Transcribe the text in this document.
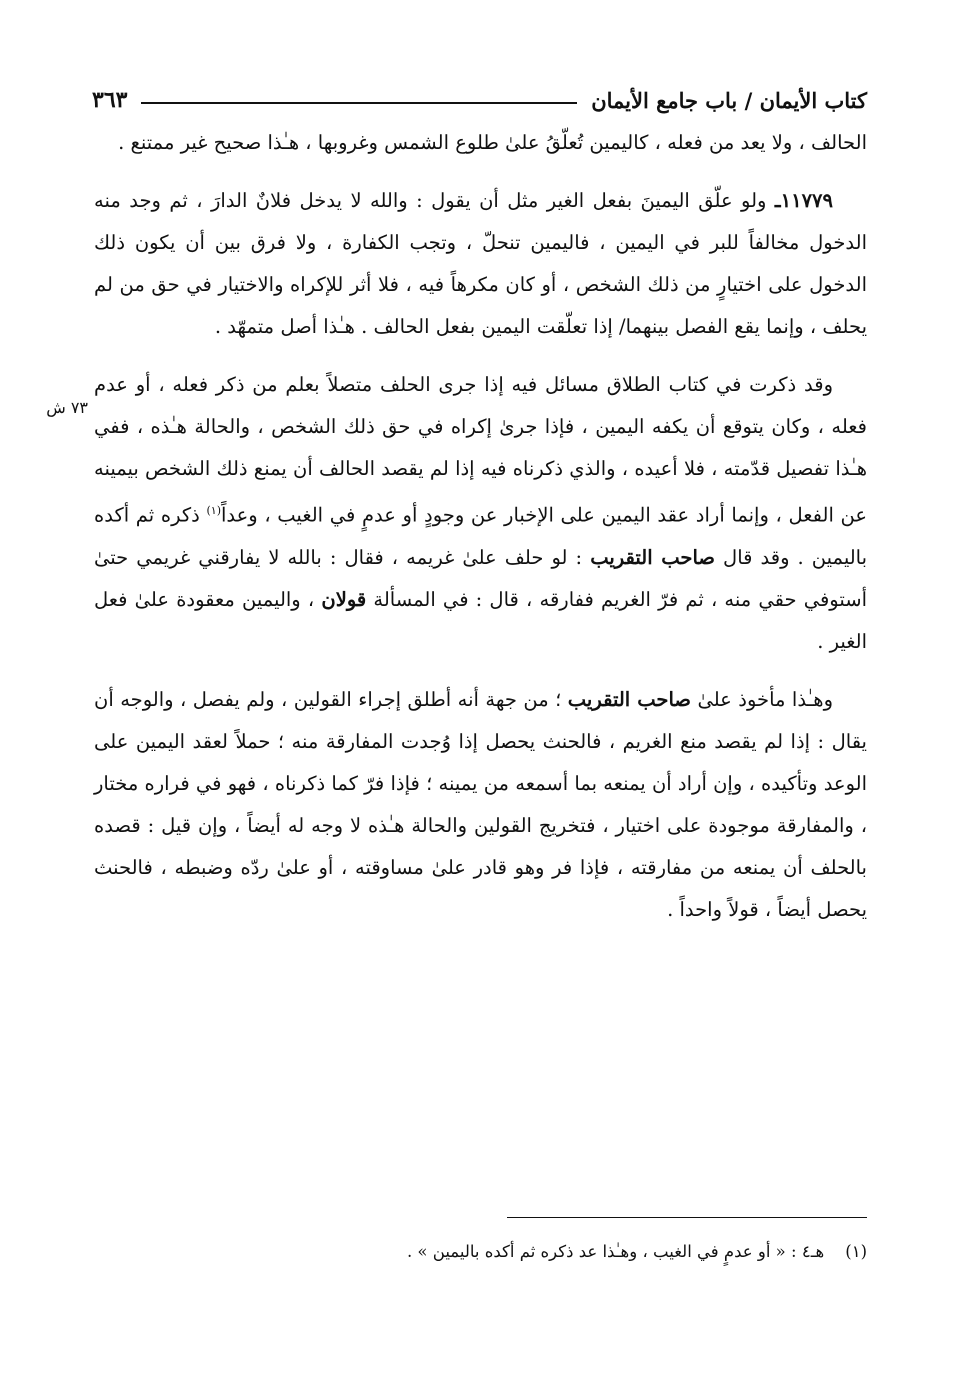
كتاب الأيمان / باب جامع الأيمان
٣٦٣
٧٣ ش

الحالف ، ولا يعد من فعله ، كاليمين تُعلّقُ علىٰ طلوع الشمس وغروبها ، هـٰذا صحيح غير ممتنع .

١١٧٧٩ـ ولو علّق اليمينَ بفعل الغير مثل أن يقول : والله لا يدخل فلانٌ الدارَ ، ثم وجد منه الدخول مخالفاً للبر في اليمين ، فاليمين تنحلّ ، وتجب الكفارة ، ولا فرق بين أن يكون ذلك الدخول على اختيارٍ من ذلك الشخص ، أو كان مكرهاً فيه ، فلا أثر للإكراه والاختيار في حق من لم يحلف ، وإنما يقع الفصل بينهما/ إذا تعلّقت اليمين بفعل الحالف . هـٰذا أصل متمهّد .

وقد ذكرت في كتاب الطلاق مسائل فيه إذا جرى الحلف متصلاً بعلم من ذكر فعله ، أو عدم فعله ، وكان يتوقع أن يكفه اليمين ، فإذا جرىٰ إكراه في حق ذلك الشخص ، والحالة هـٰذه ، ففي هـٰذا تفصيل قدّمته ، فلا أعيده ، والذي ذكرناه فيه إذا لم يقصد الحالف أن يمنع ذلك الشخص بيمينه عن الفعل ، وإنما أراد عقد اليمين على الإخبار عن وجودٍ أو عدمٍ في الغيب ، وعداً$^{(١)}$ ذكره ثم أكده باليمين . وقد قال صاحب التقريب : لو حلف علىٰ غريمه ، فقال : بالله لا يفارقني غريمي حتىٰ أستوفي حقي منه ، ثم فرّ الغريم ففارقه ، قال : في المسألة قولان ، واليمين معقودة علىٰ فعل الغير .

وهـٰذا مأخوذ علىٰ صاحب التقريب ؛ من جهة أنه أطلق إجراء القولين ، ولم يفصل ، والوجه أن يقال : إذا لم يقصد منع الغريم ، فالحنث يحصل إذا وُجدت المفارقة منه ؛ حملاً لعقد اليمين على الوعد وتأكيده ، وإن أراد أن يمنعه بما أسمعه من يمينه ؛ فإذا فرّ كما ذكرناه ، فهو في فراره مختار ، والمفارقة موجودة على اختيار ، فتخريج القولين والحالة هـٰذه لا وجه له أيضاً ، وإن قيل : قصده بالحلف أن يمنعه من مفارقته ، فإذا فر وهو قادر علىٰ مساوقته ، أو علىٰ ردّه وضبطه ، فالحنث يحصل أيضاً ، قولاً واحداً .

(١)    هـ٤ : « أو عدمٍ في الغيب ، وهـٰذا عد ذكره ثم أكده باليمين » .
